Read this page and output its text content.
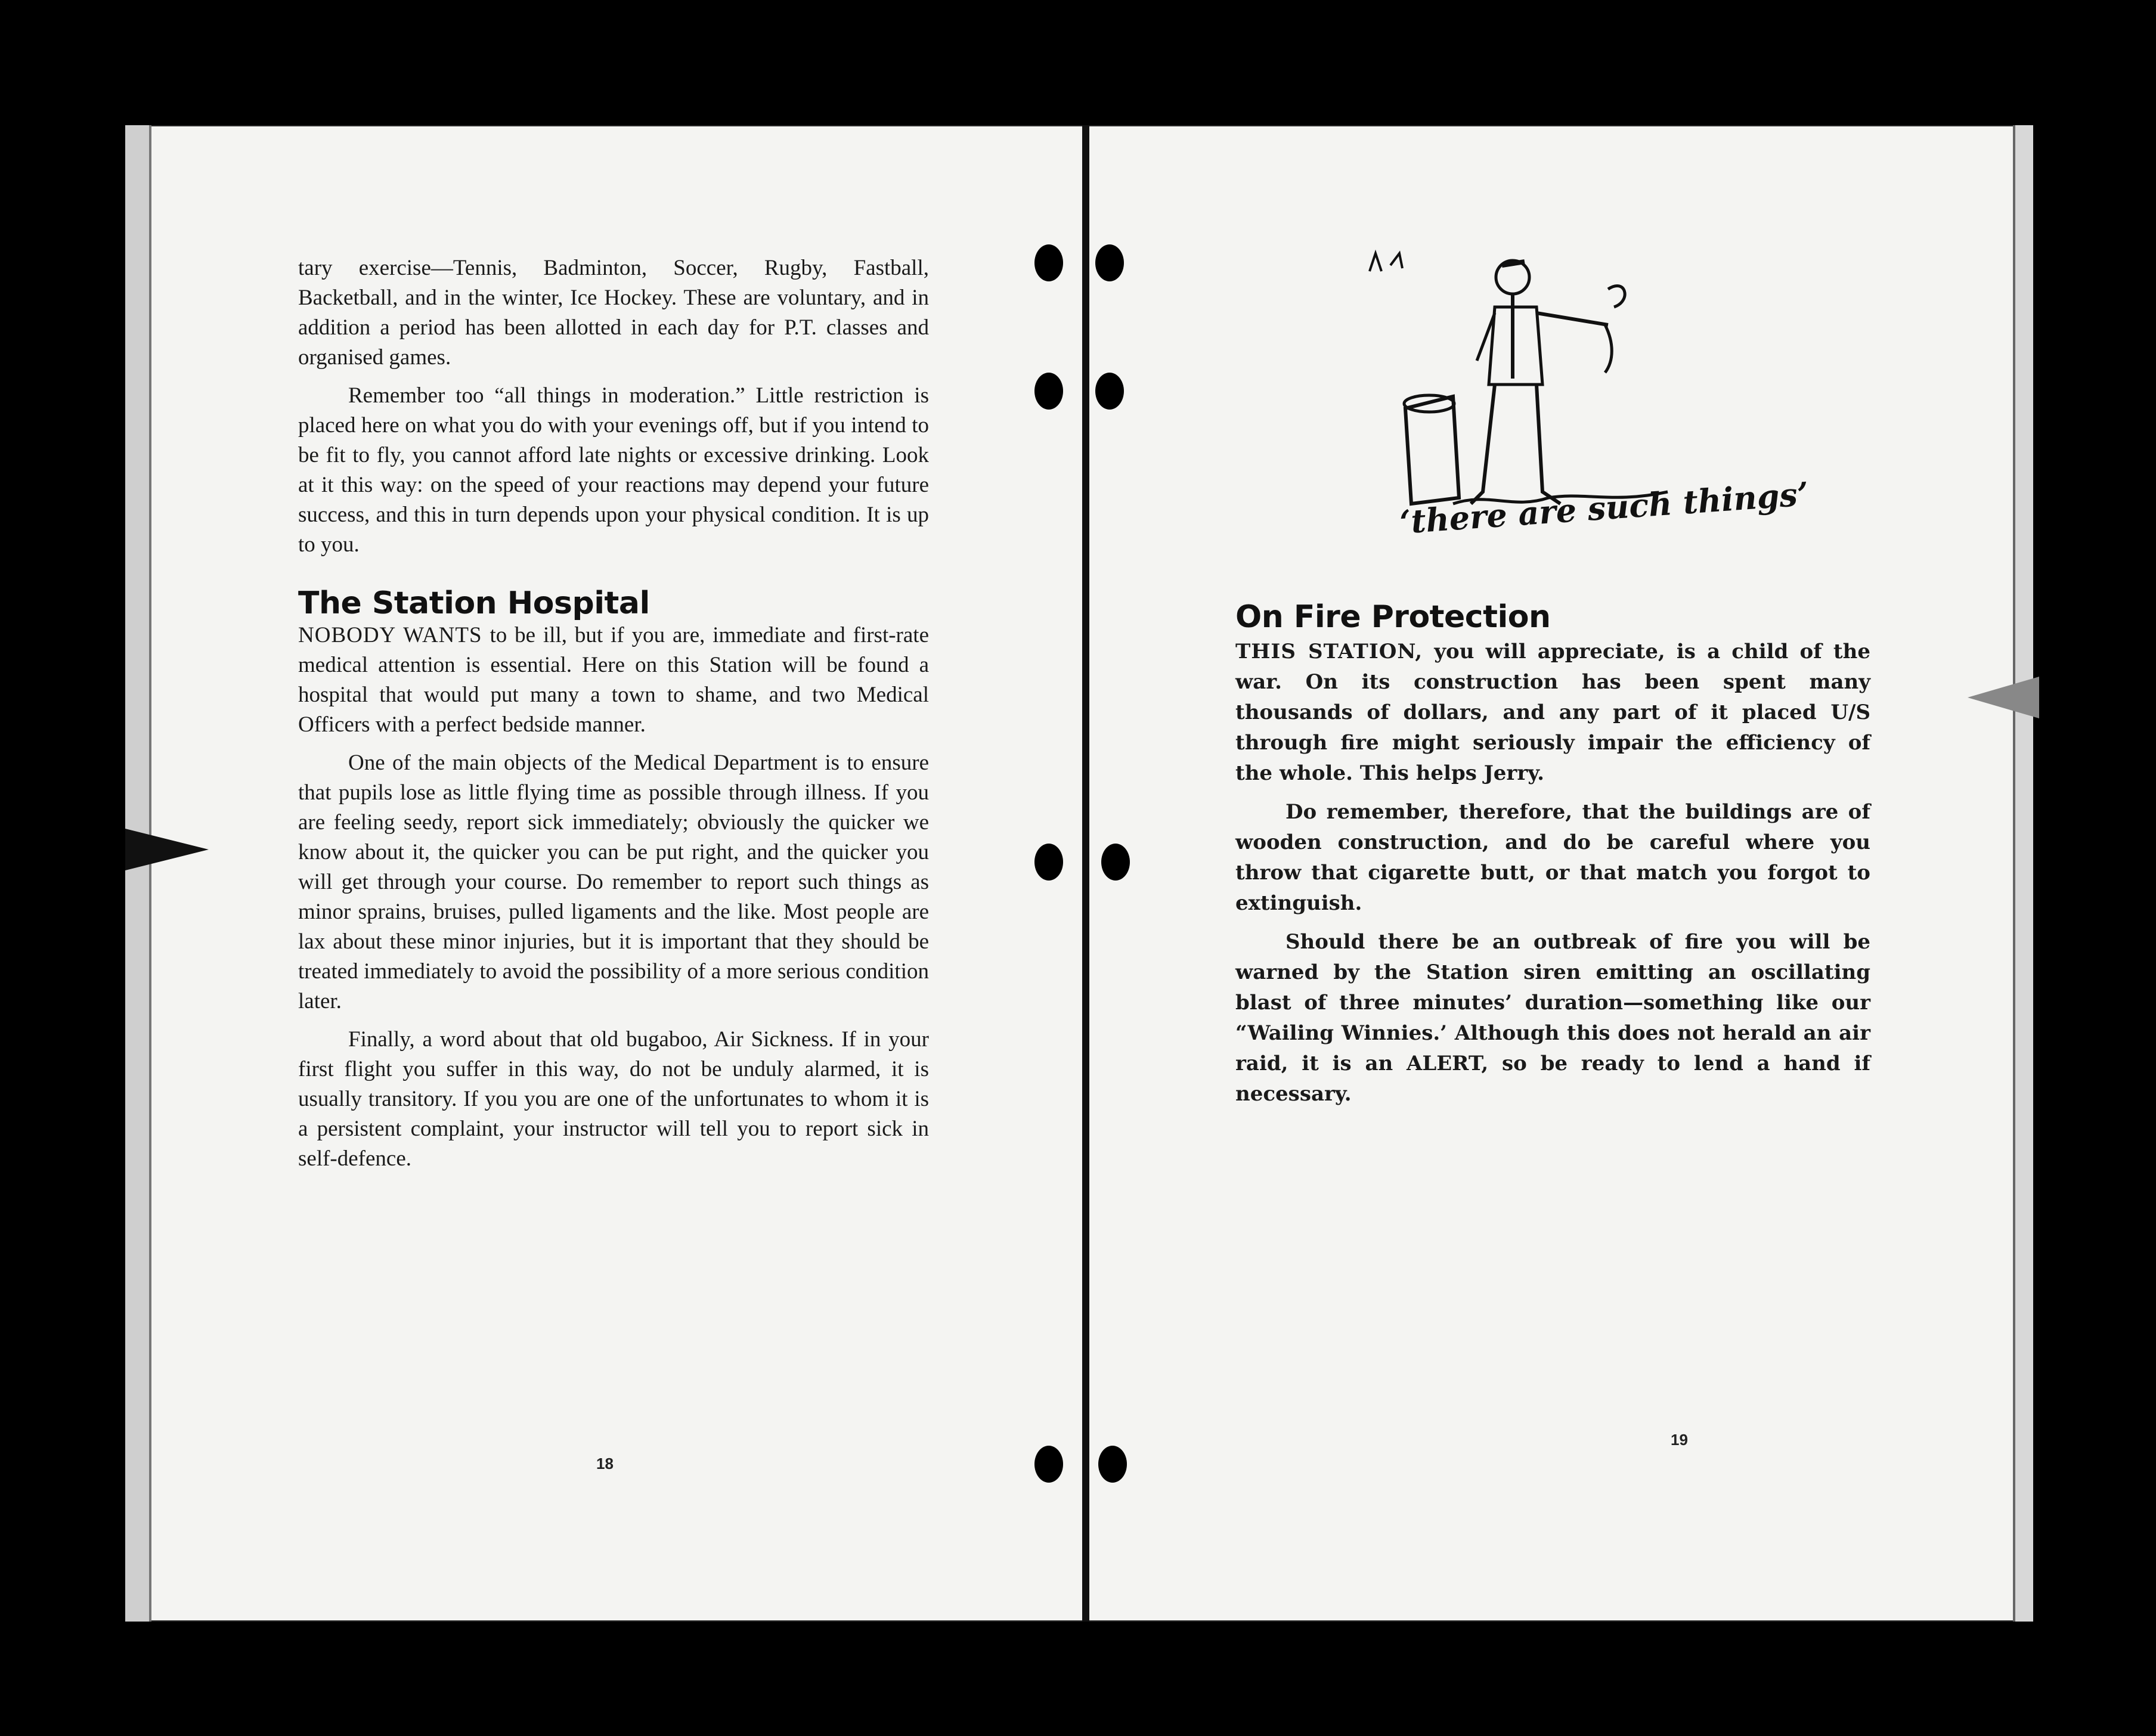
tary exercise—Tennis, Badminton, Soccer, Rugby, Fastball, Backetball, and in the winter, Ice Hockey. These are voluntary, and in addition a period has been allotted in each day for P.T. classes and organised games.

Remember too “all things in moderation.” Little restriction is placed here on what you do with your evenings off, but if you intend to be fit to fly, you cannot afford late nights or excessive drinking. Look at it this way: on the speed of your reactions may depend your future success, and this in turn depends upon your physical condition. It is up to you.

The Station Hospital

NOBODY WANTS to be ill, but if you are, immediate and first-rate medical attention is essential. Here on this Station will be found a hospital that would put many a town to shame, and two Medical Officers with a perfect bedside manner.

One of the main objects of the Medical Department is to ensure that pupils lose as little flying time as possible through illness. If you are feeling seedy, report sick immediately; obviously the quicker we know about it, the quicker you can be put right, and the quicker you will get through your course. Do remember to report such things as minor sprains, bruises, pulled ligaments and the like. Most people are lax about these minor injuries, but it is important that they should be treated immediately to avoid the possibility of a more serious condition later.

Finally, a word about that old bugaboo, Air Sickness. If in your first flight you suffer in this way, do not be unduly alarmed, it is usually transitory. If you you are one of the unfortunates to whom it is a persistent complaint, your instructor will tell you to report sick in self-defence.

18
‘there are such things’
On Fire Protection

THIS STATION, you will appreciate, is a child of the war. On its construction has been spent many thousands of dollars, and any part of it placed U/S through fire might seriously impair the efficiency of the whole. This helps Jerry.

Do remember, therefore, that the buildings are of wooden construction, and do be careful where you throw that cigarette butt, or that match you forgot to extinguish.

Should there be an outbreak of fire you will be warned by the Station siren emitting an oscillating blast of three minutes’ duration—something like our “Wailing Winnies.’ Although this does not herald an air raid, it is an ALERT, so be ready to lend a hand if necessary.

19
